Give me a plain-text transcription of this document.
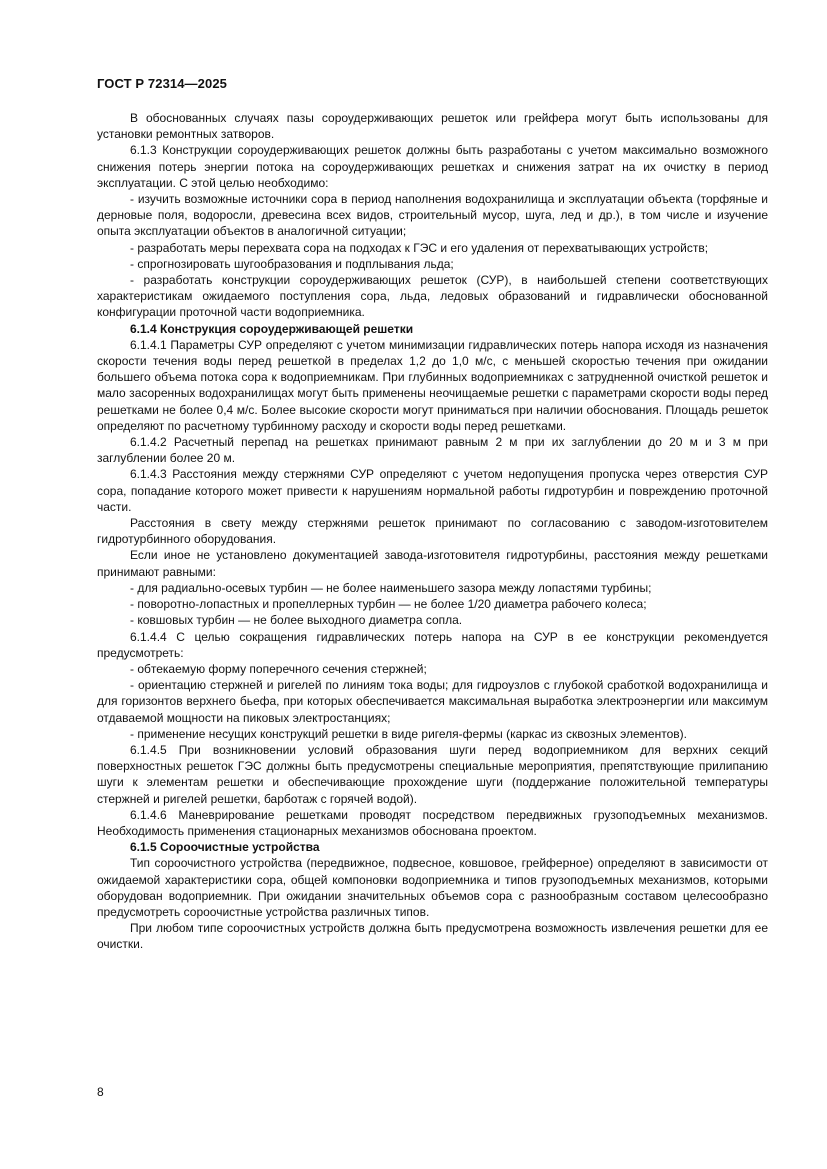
ГОСТ Р 72314—2025

В обоснованных случаях пазы сороудерживающих решеток или грейфера могут быть использованы для установки ремонтных затворов.

6.1.3 Конструкции сороудерживающих решеток должны быть разработаны с учетом максимально возможного снижения потерь энергии потока на сороудерживающих решетках и снижения затрат на их очистку в период эксплуатации. С этой целью необходимо:

- изучить возможные источники сора в период наполнения водохранилища и эксплуатации объекта (торфяные и дерновые поля, водоросли, древесина всех видов, строительный мусор, шуга, лед и др.), в том числе и изучение опыта эксплуатации объектов в аналогичной ситуации;

- разработать меры перехвата сора на подходах к ГЭС и его удаления от перехватывающих устройств;

- спрогнозировать шугообразования и подплывания льда;

- разработать конструкции сороудерживающих решеток (СУР), в наибольшей степени соответствующих характеристикам ожидаемого поступления сора, льда, ледовых образований и гидравлически обоснованной конфигурации проточной части водоприемника.

6.1.4 Конструкция сороудерживающей решетки

6.1.4.1 Параметры СУР определяют с учетом минимизации гидравлических потерь напора исходя из назначения скорости течения воды перед решеткой в пределах 1,2 до 1,0 м/с, с меньшей скоростью течения при ожидании большего объема потока сора к водоприемникам. При глубинных водоприемниках с затрудненной очисткой решеток и мало засоренных водохранилищах могут быть применены неочищаемые решетки с параметрами скорости воды перед решетками не более 0,4 м/с. Более высокие скорости могут приниматься при наличии обоснования. Площадь решеток определяют по расчетному турбинному расходу и скорости воды перед решетками.

6.1.4.2 Расчетный перепад на решетках принимают равным 2 м при их заглублении до 20 м и 3 м при заглублении более 20 м.

6.1.4.3 Расстояния между стержнями СУР определяют с учетом недопущения пропуска через отверстия СУР сора, попадание которого может привести к нарушениям нормальной работы гидротурбин и повреждению проточной части.

Расстояния в свету между стержнями решеток принимают по согласованию с заводом-изготовителем гидротурбинного оборудования.

Если иное не установлено документацией завода-изготовителя гидротурбины, расстояния между решетками принимают равными:

- для радиально-осевых турбин — не более наименьшего зазора между лопастями турбины;

- поворотно-лопастных и пропеллерных турбин — не более 1/20 диаметра рабочего колеса;

- ковшовых турбин — не более выходного диаметра сопла.

6.1.4.4 С целью сокращения гидравлических потерь напора на СУР в ее конструкции рекомендуется предусмотреть:

- обтекаемую форму поперечного сечения стержней;

- ориентацию стержней и ригелей по линиям тока воды; для гидроузлов с глубокой сработкой водохранилища и для горизонтов верхнего бьефа, при которых обеспечивается максимальная выработка электроэнергии или максимум отдаваемой мощности на пиковых электростанциях;

- применение несущих конструкций решетки в виде ригеля-фермы (каркас из сквозных элементов).

6.1.4.5 При возникновении условий образования шуги перед водоприемником для верхних секций поверхностных решеток ГЭС должны быть предусмотрены специальные мероприятия, препятствующие прилипанию шуги к элементам решетки и обеспечивающие прохождение шуги (поддержание положительной температуры стержней и ригелей решетки, барботаж с горячей водой).

6.1.4.6 Маневрирование решетками проводят посредством передвижных грузоподъемных механизмов. Необходимость применения стационарных механизмов обоснована проектом.

6.1.5 Сороочистные устройства

Тип сороочистного устройства (передвижное, подвесное, ковшовое, грейферное) определяют в зависимости от ожидаемой характеристики сора, общей компоновки водоприемника и типов грузоподъемных механизмов, которыми оборудован водоприемник. При ожидании значительных объемов сора с разнообразным составом целесообразно предусмотреть сороочистные устройства различных типов.

При любом типе сороочистных устройств должна быть предусмотрена возможность извлечения решетки для ее очистки.

8
